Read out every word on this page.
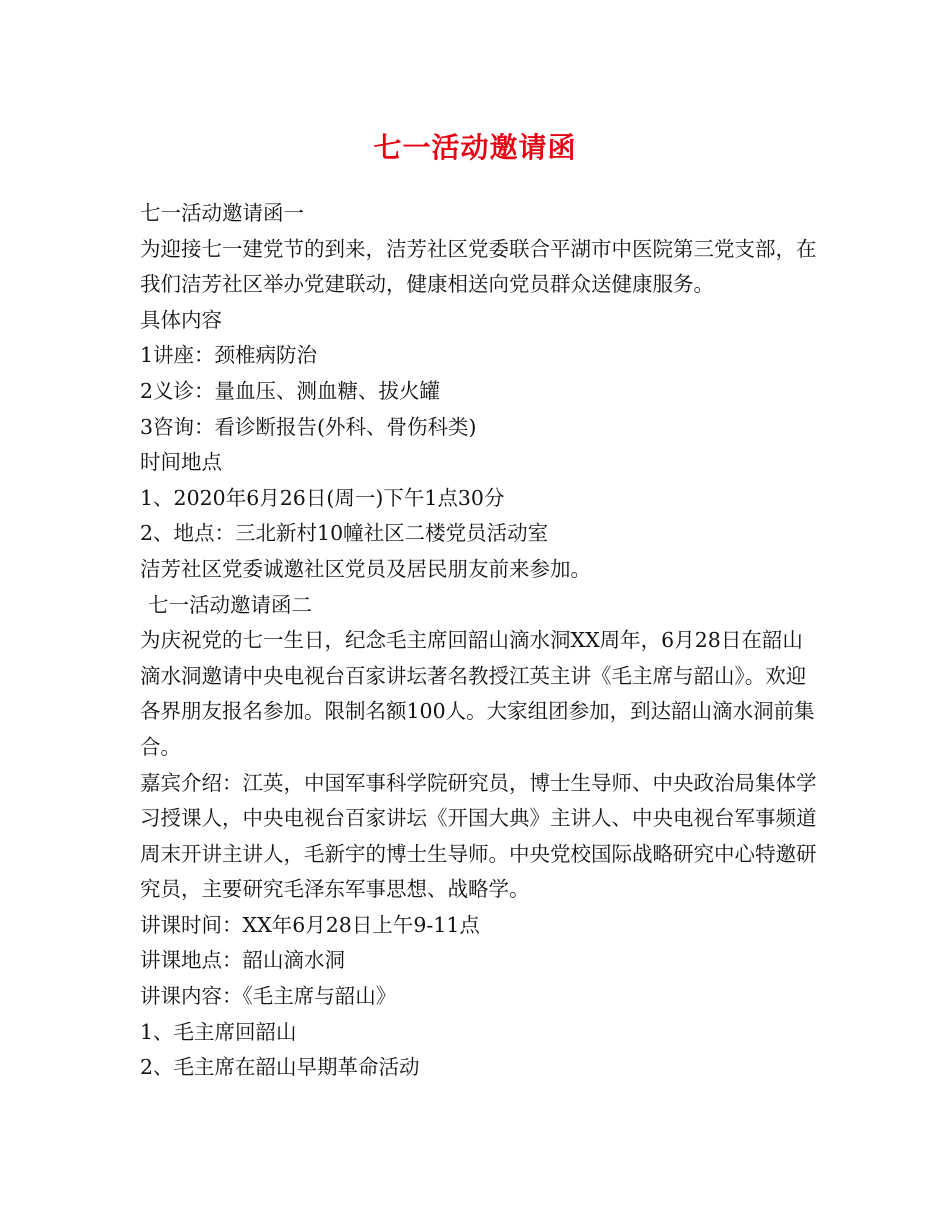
七一活动邀请函

七一活动邀请函一

为迎接七一建党节的到来，洁芳社区党委联合平湖市中医院第三党支部，在我们洁芳社区举办党建联动，健康相送向党员群众送健康服务。

具体内容

1讲座：颈椎病防治

2义诊：量血压、测血糖、拔火罐

3咨询：看诊断报告(外科、骨伤科类)

时间地点

1、2020年6月26日(周一)下午1点30分

2、地点：三北新村10幢社区二楼党员活动室

洁芳社区党委诚邀社区党员及居民朋友前来参加。

七一活动邀请函二

为庆祝党的七一生日，纪念毛主席回韶山滴水洞XX周年，6月28日在韶山滴水洞邀请中央电视台百家讲坛著名教授江英主讲《毛主席与韶山》。欢迎各界朋友报名参加。限制名额100人。大家组团参加，到达韶山滴水洞前集合。

嘉宾介绍：江英，中国军事科学院研究员，博士生导师、中央政治局集体学习授课人，中央电视台百家讲坛《开国大典》主讲人、中央电视台军事频道周末开讲主讲人，毛新宇的博士生导师。中央党校国际战略研究中心特邀研究员，主要研究毛泽东军事思想、战略学。

讲课时间：XX年6月28日上午9-11点

讲课地点：韶山滴水洞

讲课内容：《毛主席与韶山》

1、毛主席回韶山

2、毛主席在韶山早期革命活动
